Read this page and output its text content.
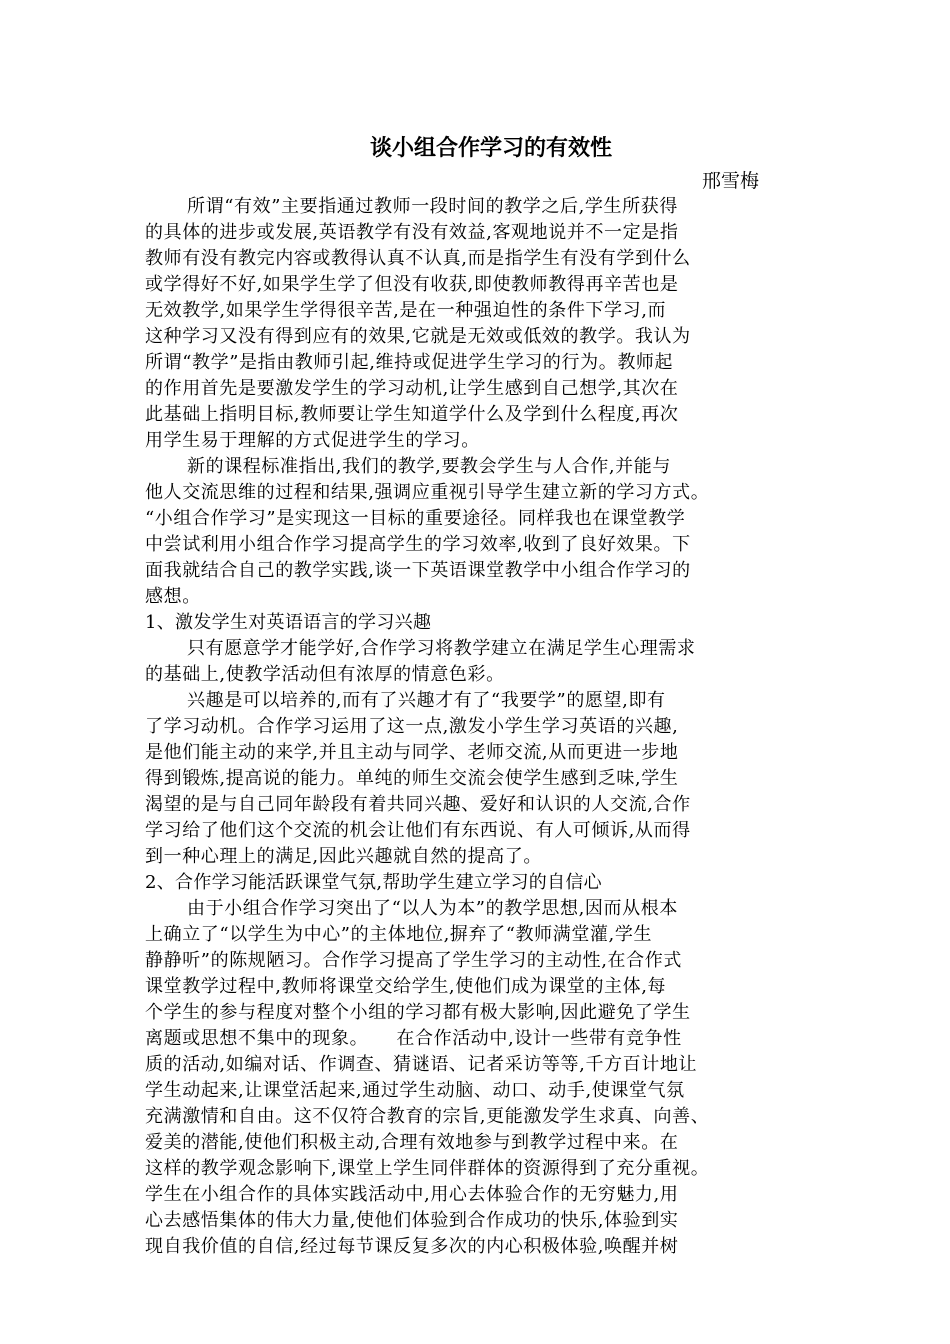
谈小组合作学习的有效性
邢雪梅
所谓“有效”主要指通过教师一段时间的教学之后,学生所获得
的具体的进步或发展,英语教学有没有效益,客观地说并不一定是指
教师有没有教完内容或教得认真不认真,而是指学生有没有学到什么
或学得好不好,如果学生学了但没有收获,即使教师教得再辛苦也是
无效教学,如果学生学得很辛苦,是在一种强迫性的条件下学习,而
这种学习又没有得到应有的效果,它就是无效或低效的教学。我认为
所谓“教学”是指由教师引起,维持或促进学生学习的行为。教师起
的作用首先是要激发学生的学习动机,让学生感到自己想学,其次在
此基础上指明目标,教师要让学生知道学什么及学到什么程度,再次
用学生易于理解的方式促进学生的学习。
新的课程标准指出,我们的教学,要教会学生与人合作,并能与
他人交流思维的过程和结果,强调应重视引导学生建立新的学习方式。
“小组合作学习”是实现这一目标的重要途径。同样我也在课堂教学
中尝试利用小组合作学习提高学生的学习效率,收到了良好效果。下
面我就结合自己的教学实践,谈一下英语课堂教学中小组合作学习的
感想。
1、激发学生对英语语言的学习兴趣
只有愿意学才能学好,合作学习将教学建立在满足学生心理需求
的基础上,使教学活动但有浓厚的情意色彩。
兴趣是可以培养的,而有了兴趣才有了“我要学”的愿望,即有
了学习动机。合作学习运用了这一点,激发小学生学习英语的兴趣,
是他们能主动的来学,并且主动与同学、老师交流,从而更进一步地
得到锻炼,提高说的能力。单纯的师生交流会使学生感到乏味,学生
渴望的是与自己同年龄段有着共同兴趣、爱好和认识的人交流,合作
学习给了他们这个交流的机会让他们有东西说、有人可倾诉,从而得
到一种心理上的满足,因此兴趣就自然的提高了。
2、合作学习能活跃课堂气氛,帮助学生建立学习的自信心
由于小组合作学习突出了“以人为本”的教学思想,因而从根本
上确立了“以学生为中心”的主体地位,摒弃了“教师满堂灌,学生
静静听”的陈规陋习。合作学习提高了学生学习的主动性,在合作式
课堂教学过程中,教师将课堂交给学生,使他们成为课堂的主体,每
个学生的参与程度对整个小组的学习都有极大影响,因此避免了学生
离题或思想不集中的现象。　　在合作活动中,设计一些带有竞争性
质的活动,如编对话、作调查、猜谜语、记者采访等等,千方百计地让
学生动起来,让课堂活起来,通过学生动脑、动口、动手,使课堂气氛
充满激情和自由。这不仅符合教育的宗旨,更能激发学生求真、向善、
爱美的潜能,使他们积极主动,合理有效地参与到教学过程中来。在
这样的教学观念影响下,课堂上学生同伴群体的资源得到了充分重视。
学生在小组合作的具体实践活动中,用心去体验合作的无穷魅力,用
心去感悟集体的伟大力量,使他们体验到合作成功的快乐,体验到实
现自我价值的自信,经过每节课反复多次的内心积极体验,唤醒并树
